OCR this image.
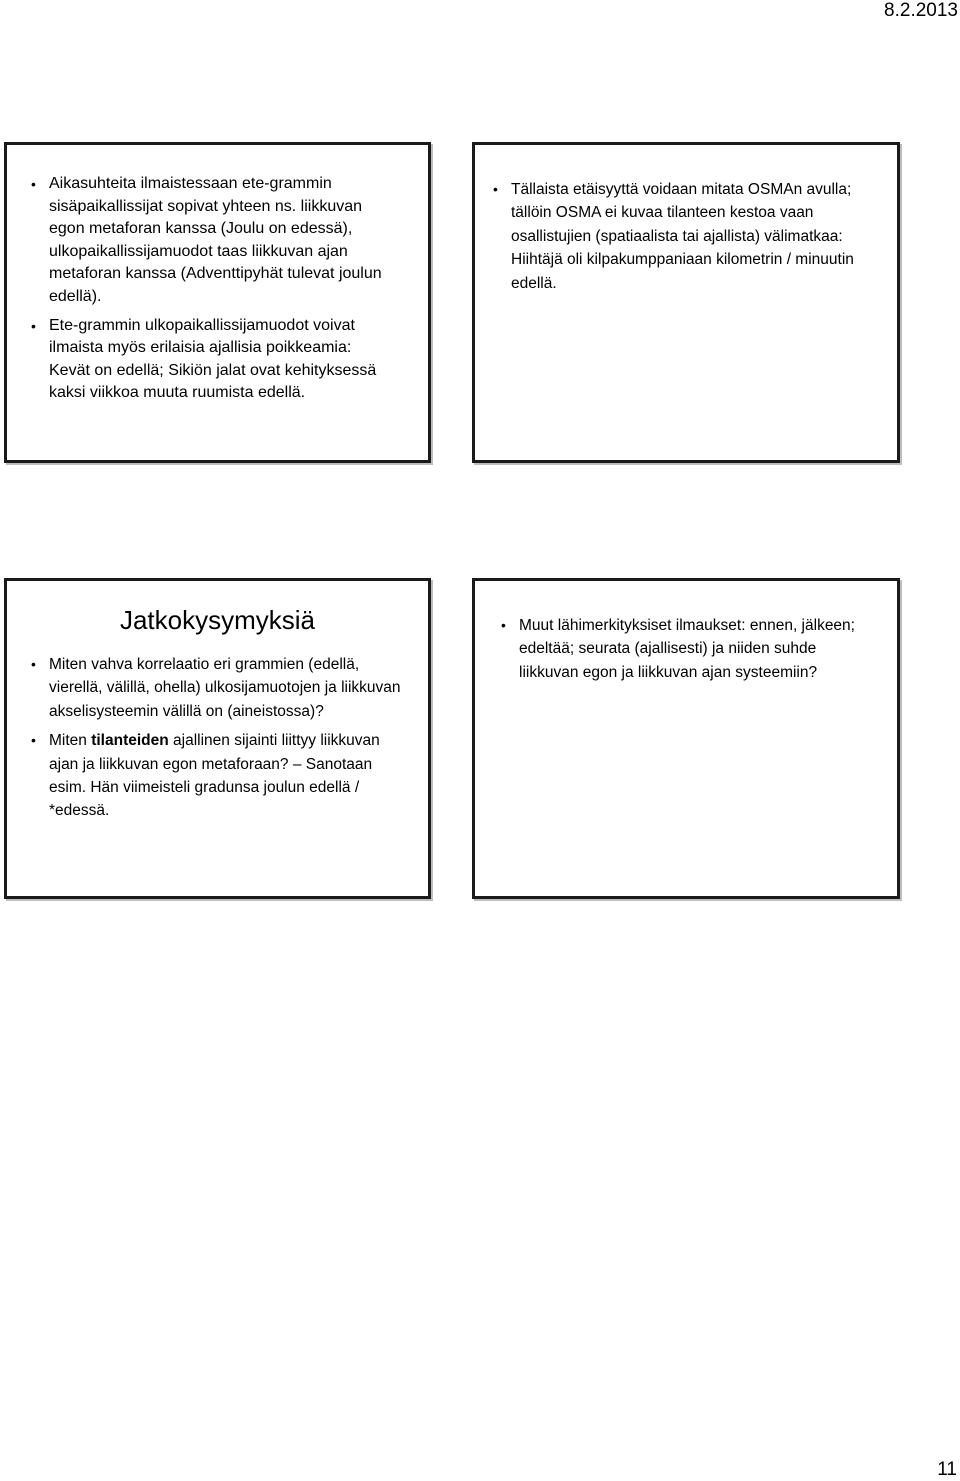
8.2.2013
• Aikasuhteita ilmaistessaan ete-grammin sisäpaikallissijat sopivat yhteen ns. liikkuvan egon metaforan kanssa (Joulu on edessä), ulkopaikallissijamuodot taas liikkuvan ajan metaforan kanssa (Adventtipyhät tulevat joulun edellä).
• Ete-grammin ulkopaikallissijamuodot voivat ilmaista myös erilaisia ajallisia poikkeamia: Kevät on edellä; Sikiön jalat ovat kehityksessä kaksi viikkoa muuta ruumista edellä.
• Tällaista etäisyyttä voidaan mitata OSMAn avulla; tällöin OSMA ei kuvaa tilanteen kestoa vaan osallistujien (spatiaalista tai ajallista) välimatkaa: Hiihtäjä oli kilpakumppaniaan kilometrin / minuutin edellä.
Jatkokysymyksiä
• Miten vahva korrelaatio eri grammien (edellä, vierellä, välillä, ohella) ulkosijamuotojen ja liikkuvan akselisysteemin välillä on (aineistossa)?
• Miten tilanteiden ajallinen sijainti liittyy liikkuvan ajan ja liikkuvan egon metaforaan? – Sanotaan esim. Hän viimeisteli gradunsa joulun edellä / *edessä.
• Muut lähimerkityksiset ilmaukset: ennen, jälkeen; edeltää; seurata (ajallisesti) ja niiden suhde liikkuvan egon ja liikkuvan ajan systeemiin?
11
